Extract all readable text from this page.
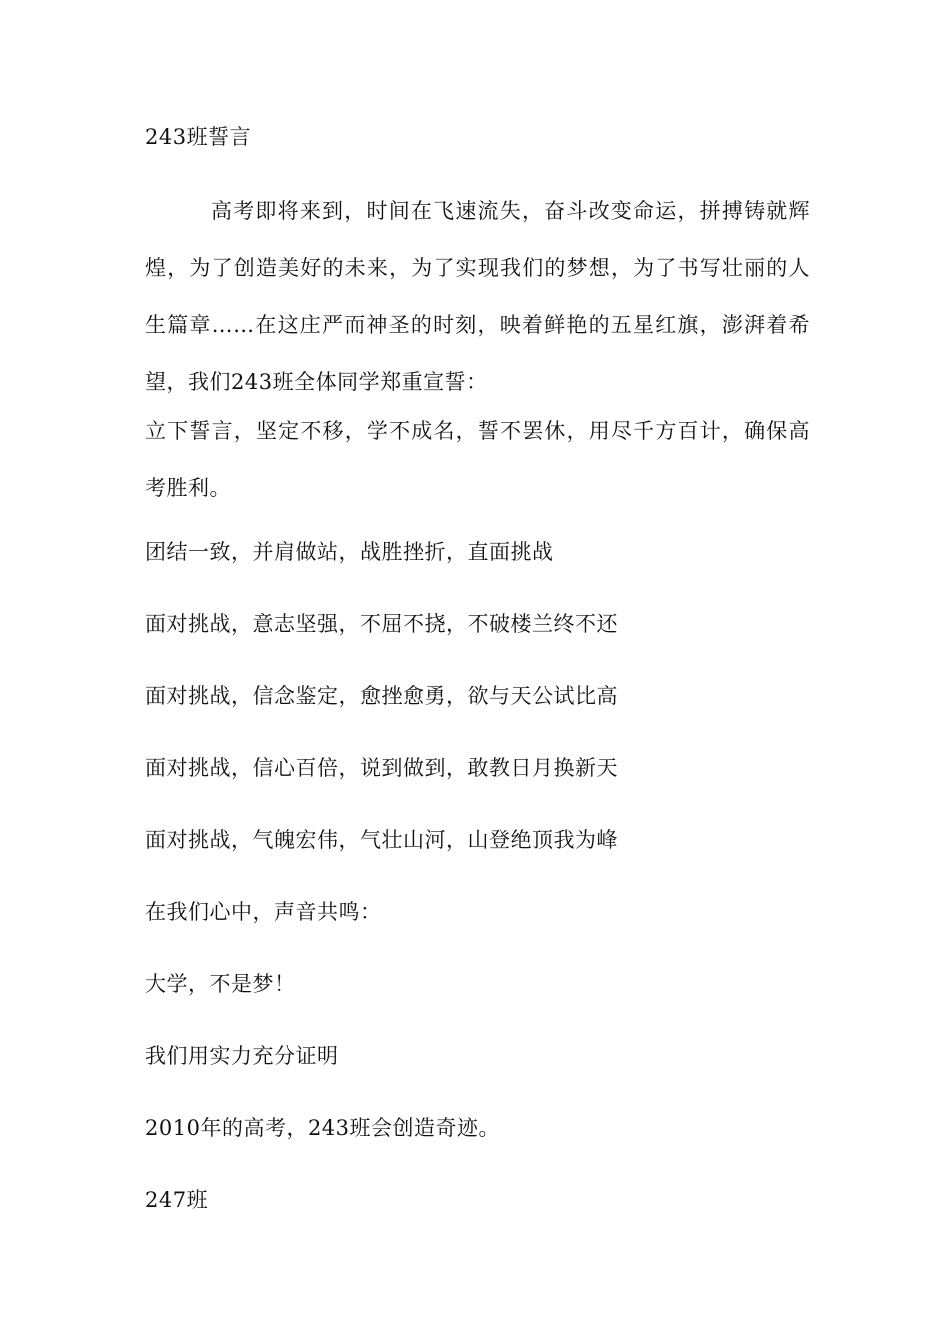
243班誓言
高考即将来到，时间在飞速流失，奋斗改变命运，拼搏铸就辉煌，为了创造美好的未来，为了实现我们的梦想，为了书写壮丽的人生篇章……在这庄严而神圣的时刻，映着鲜艳的五星红旗，澎湃着希望，我们243班全体同学郑重宣誓：
立下誓言，坚定不移，学不成名，誓不罢休，用尽千方百计，确保高考胜利。
团结一致，并肩做站，战胜挫折，直面挑战
面对挑战，意志坚强，不屈不挠，不破楼兰终不还
面对挑战，信念鉴定，愈挫愈勇，欲与天公试比高
面对挑战，信心百倍，说到做到，敢教日月换新天
面对挑战，气魄宏伟，气壮山河，山登绝顶我为峰
在我们心中，声音共鸣：
大学，不是梦！
我们用实力充分证明
2010年的高考，243班会创造奇迹。
247班
